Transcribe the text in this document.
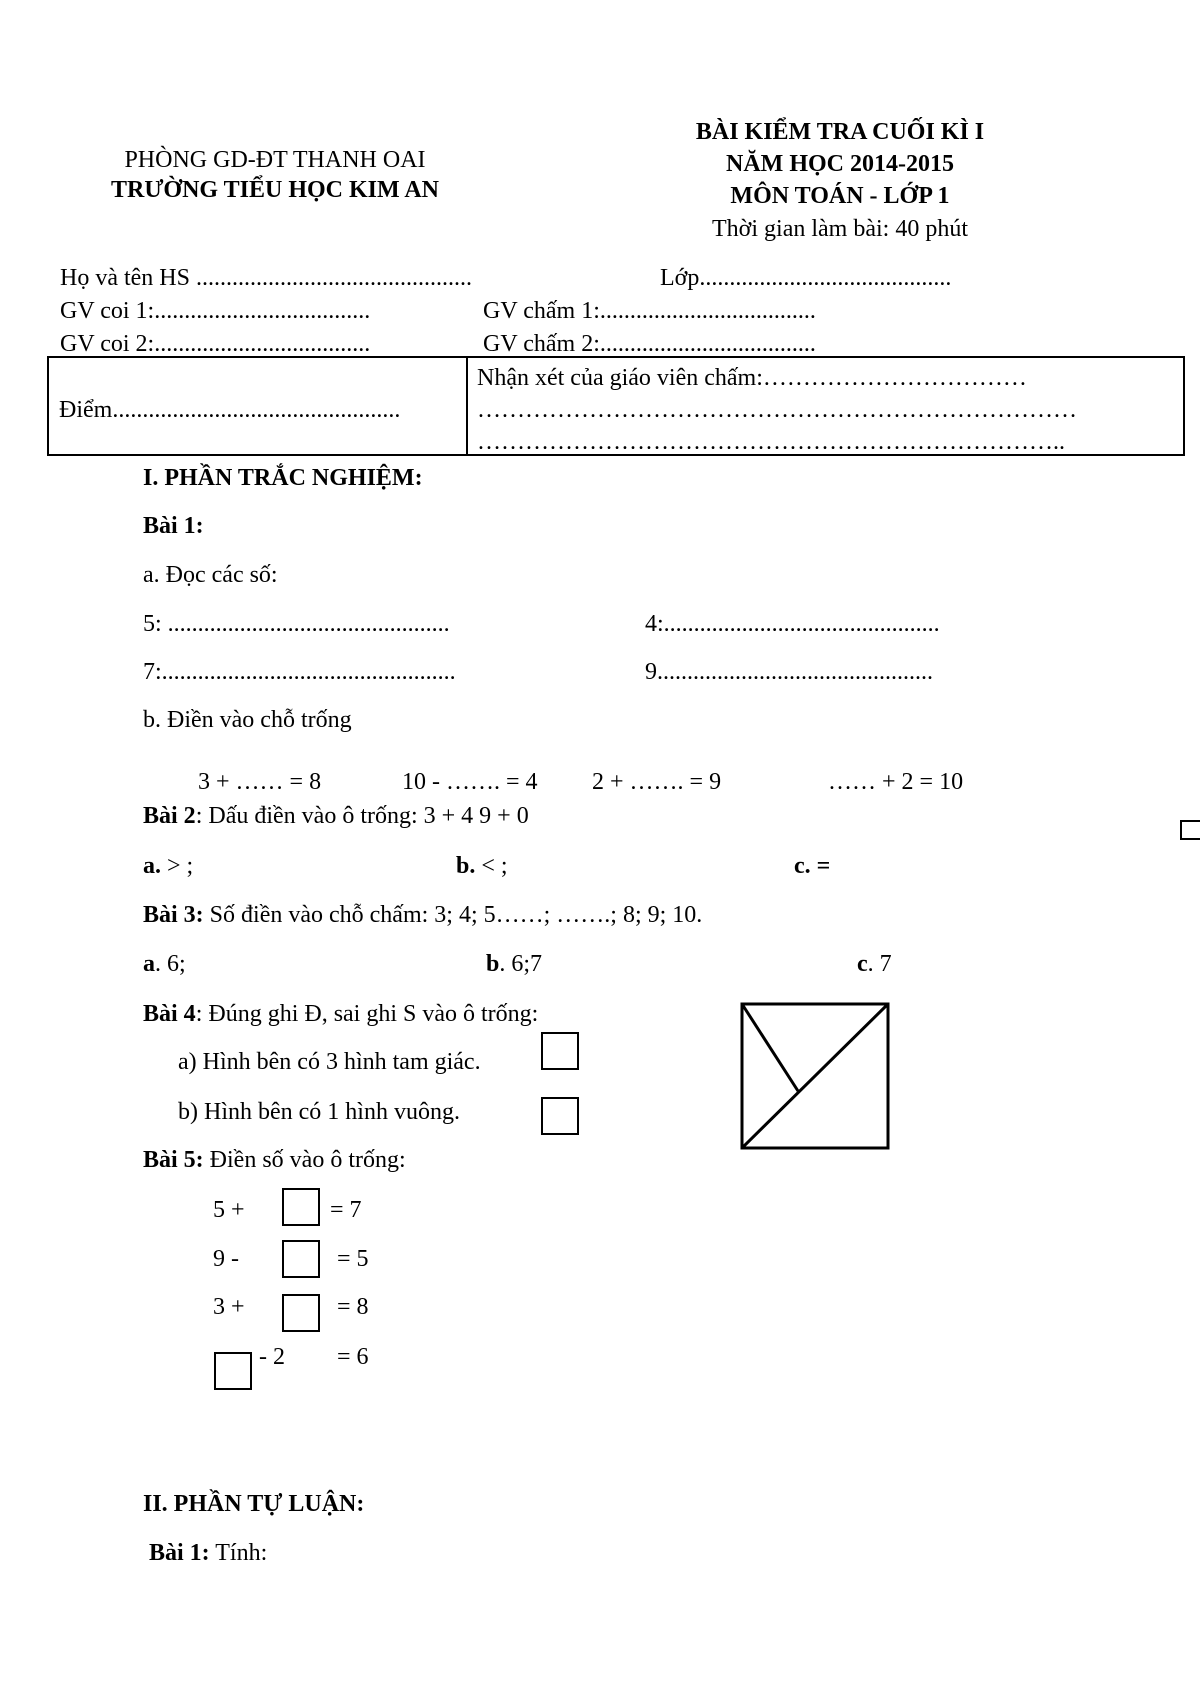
PHÒNG GD-ĐT THANH OAI
TRƯỜNG TIỂU HỌC KIM AN
BÀI KIỂM TRA CUỐI KÌ I
NĂM HỌC 2014-2015
MÔN TOÁN - LỚP 1
Thời gian làm bài: 40 phút
Họ và tên HS ..............................................	Lớp..........................................
GV coi 1:....................................	GV chấm 1:....................................
GV coi 2:....................................	GV chấm 2:....................................
Điểm................................................
Nhận xét của giáo viên chấm:……………………………
…………………………………………………………………
………………………………………………………………..
I. PHẦN TRẮC NGHIỆM:
Bài 1:
a. Đọc các số:
5: ...............................................	4:..............................................
7:.................................................	9..............................................
b. Điền vào chỗ trống
3 + …… = 8	10 - ……. = 4 2 + ……. = 9	…… + 2 = 10
Bài 2: Dấu điền vào ô trống: 3 + 4 9 + 0
a. > ;	b. < ;	c. =
Bài 3: Số điền vào chỗ chấm: 3; 4; 5……; …….; 8; 9; 10.
a. 6;	b. 6;7	c. 7
Bài 4: Đúng ghi Đ, sai ghi S vào ô trống:
a) Hình bên có 3 hình tam giác.
b) Hình bên có 1 hình vuông.
Bài 5: Điền số vào ô trống:
5 +	= 7
9 -	= 5
3 +	= 8
- 2 = 6
II. PHẦN TỰ LUẬN:
Bài 1: Tính:
